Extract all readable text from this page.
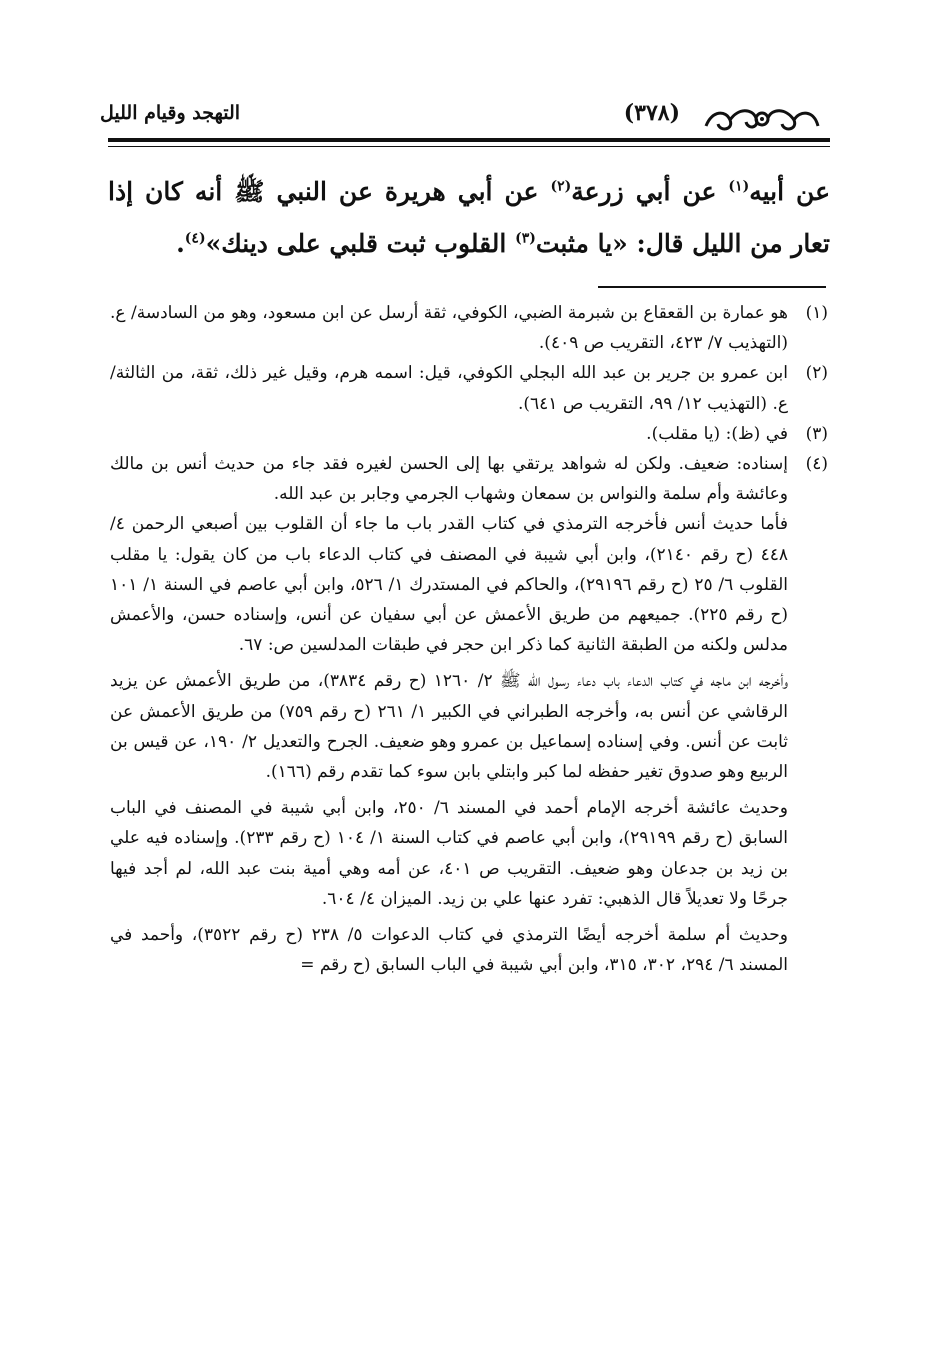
(٣٧٨)
التهجد وقيام الليل

عن أبيه$^{(١)}$ عن أبي زرعة$^{(٢)}$ عن أبي هريرة عن النبي ﷺ أنه كان إذا تعار من الليل قال: «يا مثبت$^{(٣)}$ القلوب ثبت قلبي على دينك»$^{(٤)}$.

(١)

هو عمارة بن القعقاع بن شبرمة الضبي، الكوفي، ثقة أرسل عن ابن مسعود، وهو من السادسة/ ع. (التهذيب ٧/ ٤٢٣، التقريب ص ٤٠٩).

(٢)

ابن عمرو بن جرير بن عبد الله البجلي الكوفي، قيل: اسمه هرم، وقيل غير ذلك، ثقة، من الثالثة/ ع. (التهذيب ١٢/ ٩٩، التقريب ص ٦٤١).

(٣)

في (ظ): (يا مقلب).

(٤)

إسناده: ضعيف. ولكن له شواهد يرتقي بها إلى الحسن لغيره فقد جاء من حديث أنس بن مالك وعائشة وأم سلمة والنواس بن سمعان وشهاب الجرمي وجابر بن عبد الله.

فأما حديث أنس فأخرجه الترمذي في كتاب القدر باب ما جاء أن القلوب بين أصبعي الرحمن ٤/ ٤٤٨ (ح رقم ٢١٤٠)، وابن أبي شيبة في المصنف في كتاب الدعاء باب من كان يقول: يا مقلب القلوب ٦/ ٢٥ (ح رقم ٢٩١٩٦)، والحاكم في المستدرك ١/ ٥٢٦، وابن أبي عاصم في السنة ١/ ١٠١ (ح رقم ٢٢٥). جميعهم من طريق الأعمش عن أبي سفيان عن أنس، وإسناده حسن، والأعمش مدلس ولكنه من الطبقة الثانية كما ذكر ابن حجر في طبقات المدلسين ص: ٦٧.

وأخرجه ابن ماجه في كتاب الدعاء باب دعاء رسول الله ﷺ ٢/ ١٢٦٠ (ح رقم ٣٨٣٤)، من طريق الأعمش عن يزيد الرقاشي عن أنس به، وأخرجه الطبراني في الكبير ١/ ٢٦١ (ح رقم ٧٥٩) من طريق الأعمش عن ثابت عن أنس. وفي إسناده إسماعيل بن عمرو وهو ضعيف. الجرح والتعديل ٢/ ١٩٠، عن قيس بن الربيع وهو صدوق تغير حفظه لما كبر وابتلي بابن سوء كما تقدم رقم (١٦٦).

وحديث عائشة أخرجه الإمام أحمد في المسند ٦/ ٢٥٠، وابن أبي شيبة في المصنف في الباب السابق (ح رقم ٢٩١٩٩)، وابن أبي عاصم في كتاب السنة ١/ ١٠٤ (ح رقم ٢٣٣). وإسناده فيه علي بن زيد بن جدعان وهو ضعيف. التقريب ص ٤٠١، عن أمه وهي أمية بنت عبد الله، لم أجد فيها جرحًا ولا تعديلاً قال الذهبي: تفرد عنها علي بن زيد. الميزان ٤/ ٦٠٤.

وحديث أم سلمة أخرجه أيضًا الترمذي في كتاب الدعوات ٥/ ٢٣٨ (ح رقم ٣٥٢٢)، وأحمد في المسند ٦/ ٢٩٤، ٣٠٢، ٣١٥، وابن أبي شيبة في الباب السابق (ح رقم =
